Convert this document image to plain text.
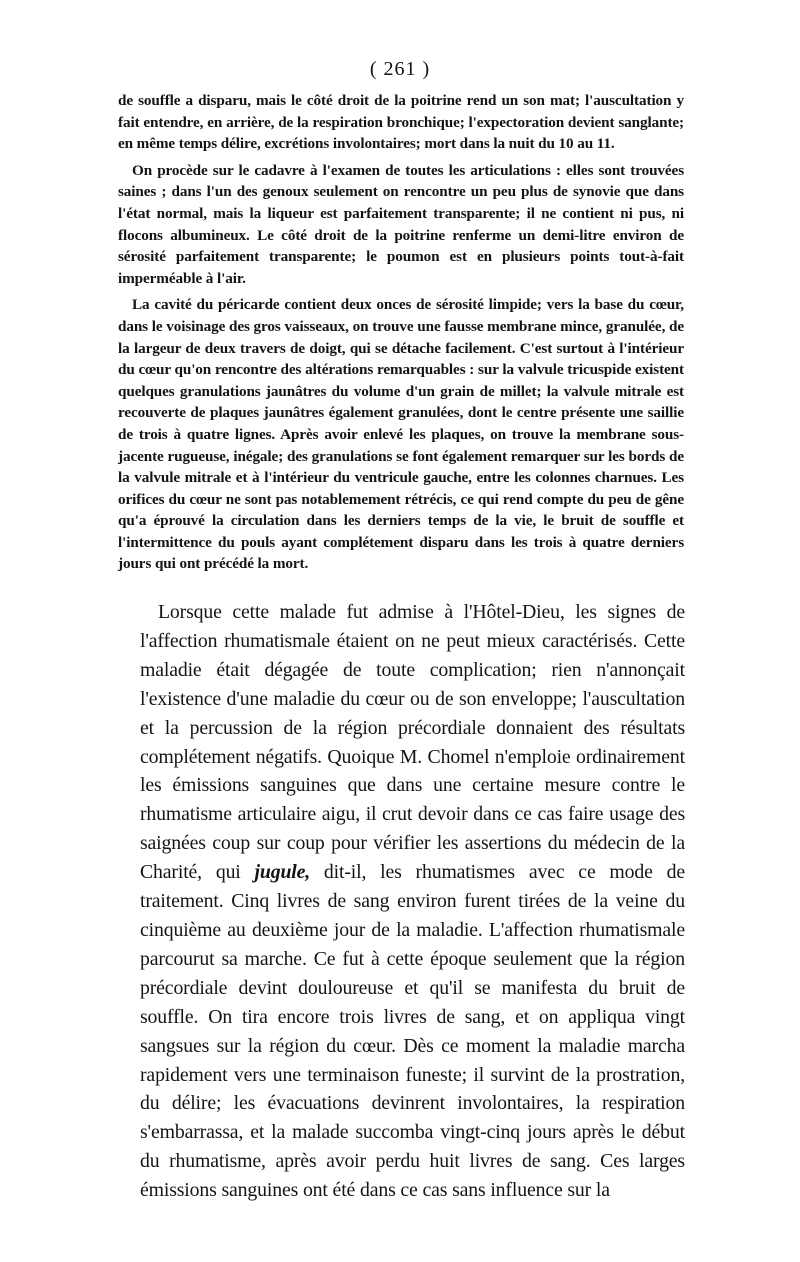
( 261 )

de souffle a disparu, mais le côté droit de la poitrine rend un son mat; l'auscultation y fait entendre, en arrière, de la respiration bronchique; l'expectoration devient sanglante; en même temps délire, excrétions involontaires; mort dans la nuit du 10 au 11.

On procède sur le cadavre à l'examen de toutes les articulations : elles sont trouvées saines ; dans l'un des genoux seulement on rencontre un peu plus de synovie que dans l'état normal, mais la liqueur est parfaitement transparente; il ne contient ni pus, ni flocons albumineux. Le côté droit de la poitrine renferme un demi-litre environ de sérosité parfaitement transparente; le poumon est en plusieurs points tout-à-fait imperméable à l'air.

La cavité du péricarde contient deux onces de sérosité limpide; vers la base du cœur, dans le voisinage des gros vaisseaux, on trouve une fausse membrane mince, granulée, de la largeur de deux travers de doigt, qui se détache facilement. C'est surtout à l'intérieur du cœur qu'on rencontre des altérations remarquables : sur la valvule tricuspide existent quelques granulations jaunâtres du volume d'un grain de millet; la valvule mitrale est recouverte de plaques jaunâtres également granulées, dont le centre présente une saillie de trois à quatre lignes. Après avoir enlevé les plaques, on trouve la membrane sous-jacente rugueuse, inégale; des granulations se font également remarquer sur les bords de la valvule mitrale et à l'intérieur du ventricule gauche, entre les colonnes charnues. Les orifices du cœur ne sont pas notablemement rétrécis, ce qui rend compte du peu de gêne qu'a éprouvé la circulation dans les derniers temps de la vie, le bruit de souffle et l'intermittence du pouls ayant complétement disparu dans les trois à quatre derniers jours qui ont précédé la mort.

Lorsque cette malade fut admise à l'Hôtel-Dieu, les signes de l'affection rhumatismale étaient on ne peut mieux caractérisés. Cette maladie était dégagée de toute complication; rien n'annonçait l'existence d'une maladie du cœur ou de son enveloppe; l'auscultation et la percussion de la région précordiale donnaient des résultats complétement négatifs. Quoique M. Chomel n'emploie ordinairement les émissions sanguines que dans une certaine mesure contre le rhumatisme articulaire aigu, il crut devoir dans ce cas faire usage des saignées coup sur coup pour vérifier les assertions du médecin de la Charité, qui jugule, dit-il, les rhumatismes avec ce mode de traitement. Cinq livres de sang environ furent tirées de la veine du cinquième au deuxième jour de la maladie. L'affection rhumatismale parcourut sa marche. Ce fut à cette époque seulement que la région précordiale devint douloureuse et qu'il se manifesta du bruit de souffle. On tira encore trois livres de sang, et on appliqua vingt sangsues sur la région du cœur. Dès ce moment la maladie marcha rapidement vers une terminaison funeste; il survint de la prostration, du délire; les évacuations devinrent involontaires, la respiration s'embarrassa, et la malade succomba vingt-cinq jours après le début du rhumatisme, après avoir perdu huit livres de sang. Ces larges émissions sanguines ont été dans ce cas sans influence sur la
